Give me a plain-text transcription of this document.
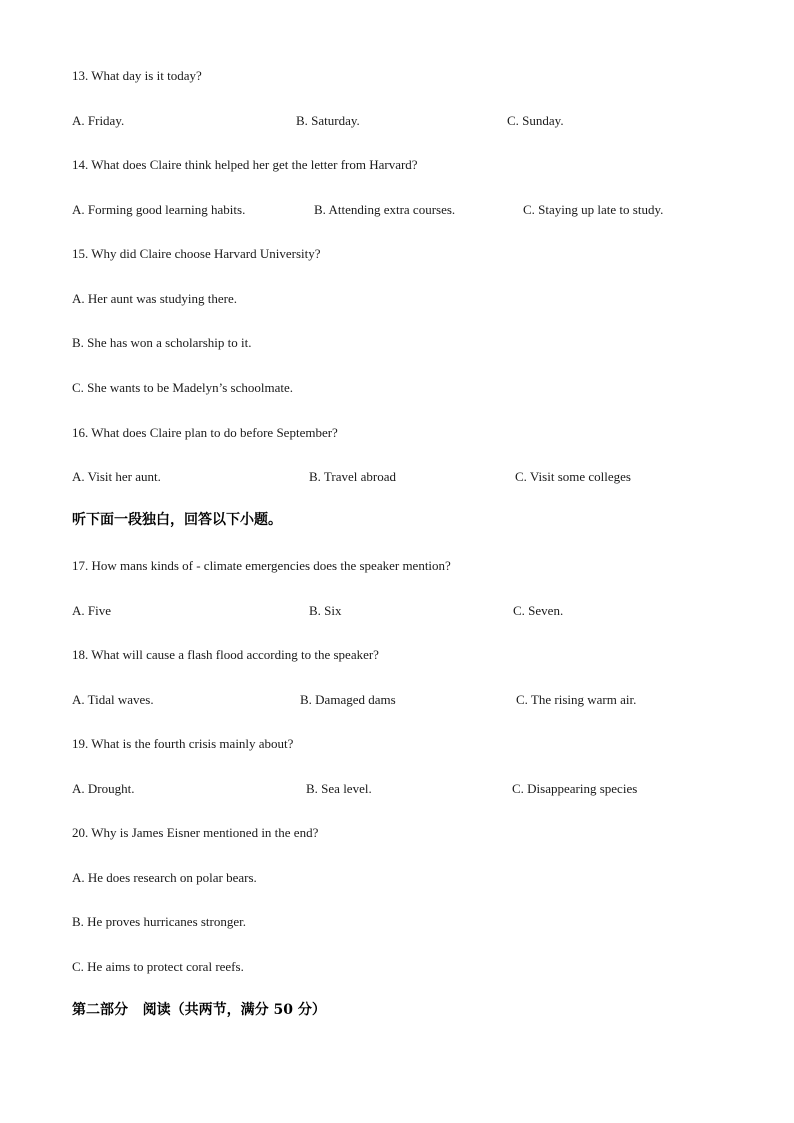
13. What day is it today?
A. Friday.	B. Saturday.	C. Sunday.
14. What does Claire think helped her get the letter from Harvard?
A. Forming good learning habits.	B. Attending extra courses.	C. Staying up late to study.
15. Why did Claire choose Harvard University?
A. Her aunt was studying there.
B. She has won a scholarship to it.
C. She wants to be Madelyn’s schoolmate.
16. What does Claire plan to do before September?
A. Visit her aunt.	B. Travel abroad	C. Visit some colleges
听下面一段独白，回答以下小题。
17. How mans kinds of - climate emergencies does the speaker mention?
A. Five	B. Six	C. Seven.
18. What will cause a flash flood according to the speaker?
A. Tidal waves.	B. Damaged dams	C. The rising warm air.
19. What is the fourth crisis mainly about?
A. Drought.	B. Sea level.	C. Disappearing species
20. Why is James Eisner mentioned in the end?
A. He does research on polar bears.
B. He proves hurricanes stronger.
C. He aims to protect coral reefs.
第二部分   阅读（共两节，满分 50 分）
